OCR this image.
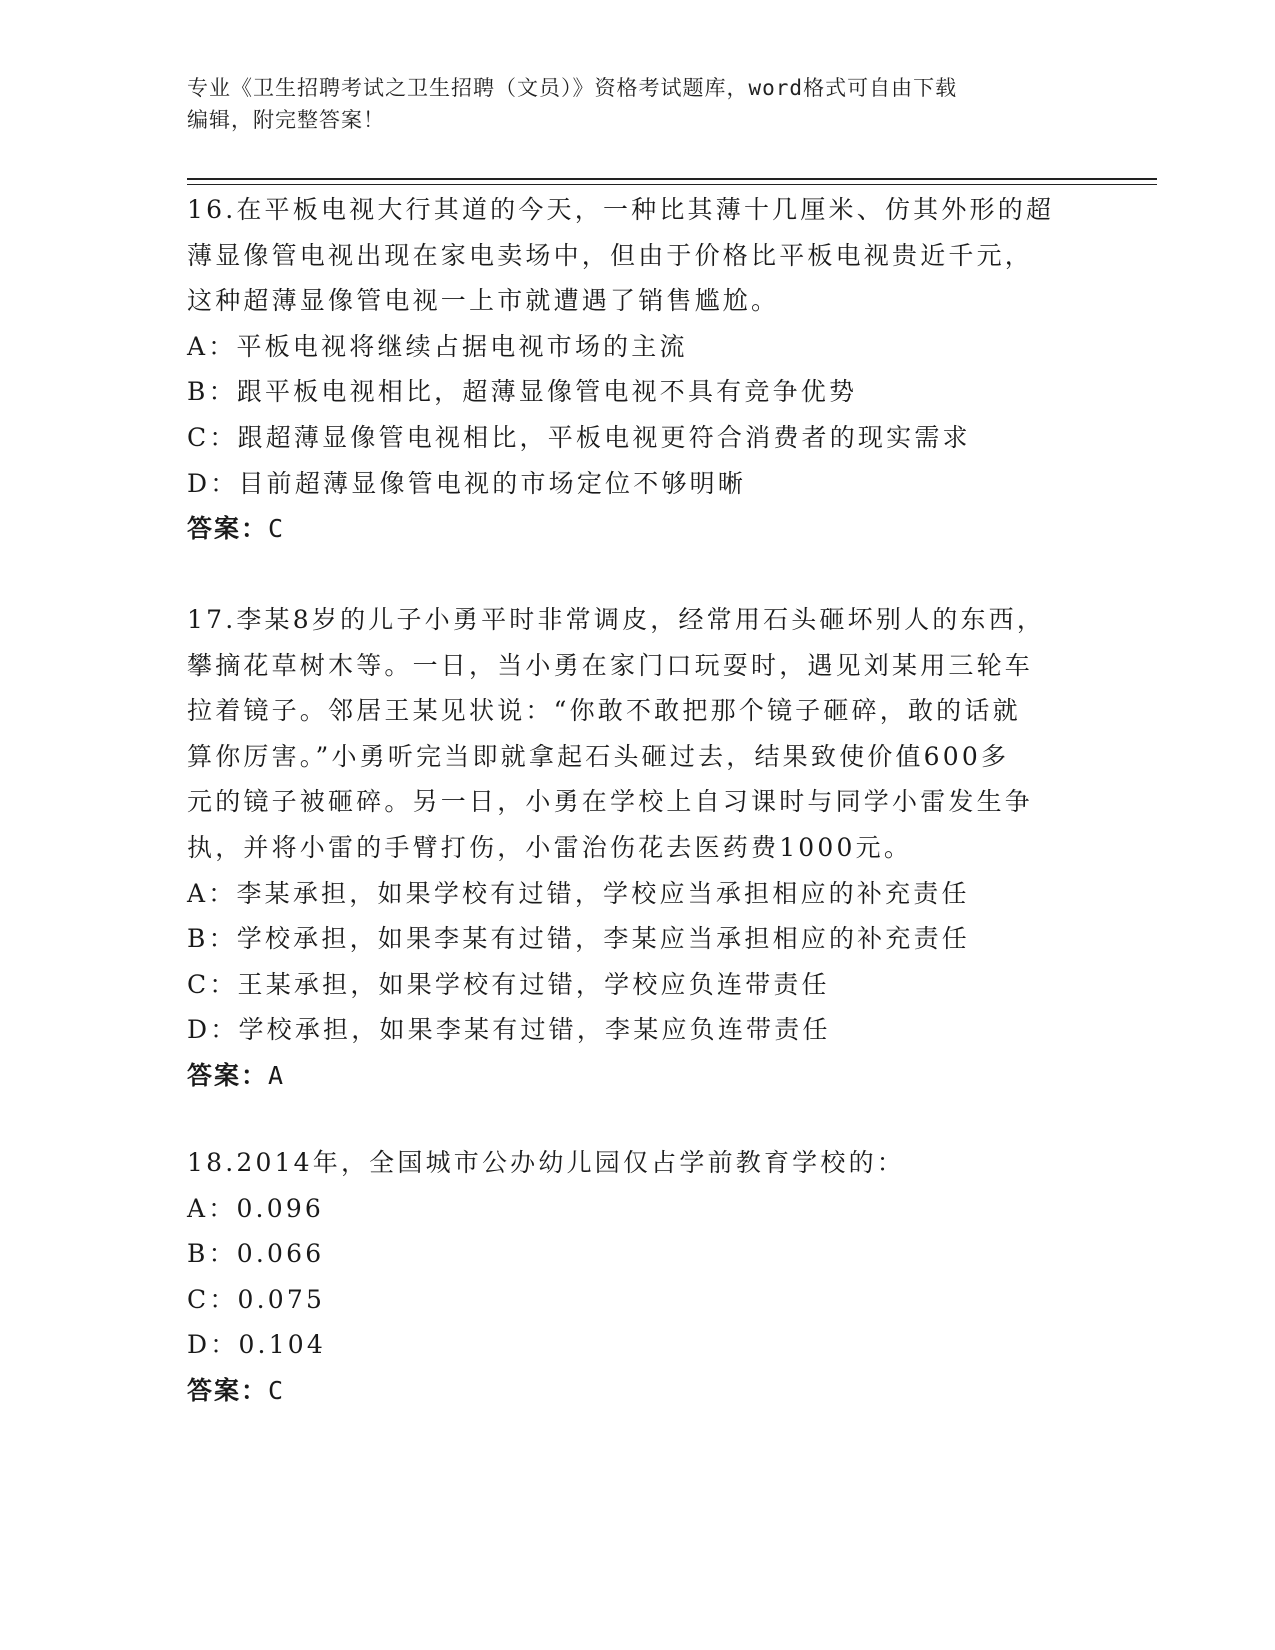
专业《卫生招聘考试之卫生招聘（文员）》资格考试题库，word格式可自由下载
编辑，附完整答案！

16.在平板电视大行其道的今天，一种比其薄十几厘米、仿其外形的超

薄显像管电视出现在家电卖场中，但由于价格比平板电视贵近千元，

这种超薄显像管电视一上市就遭遇了销售尴尬。

A：平板电视将继续占据电视市场的主流

B：跟平板电视相比，超薄显像管电视不具有竞争优势

C：跟超薄显像管电视相比，平板电视更符合消费者的现实需求

D：目前超薄显像管电视的市场定位不够明晰

答案：C

17.李某8岁的儿子小勇平时非常调皮，经常用石头砸坏别人的东西，

攀摘花草树木等。一日，当小勇在家门口玩耍时，遇见刘某用三轮车

拉着镜子。邻居王某见状说：“你敢不敢把那个镜子砸碎，敢的话就

算你厉害。”小勇听完当即就拿起石头砸过去，结果致使价值600多

元的镜子被砸碎。另一日，小勇在学校上自习课时与同学小雷发生争

执，并将小雷的手臂打伤，小雷治伤花去医药费1000元。

A：李某承担，如果学校有过错，学校应当承担相应的补充责任

B：学校承担，如果李某有过错，李某应当承担相应的补充责任

C：王某承担，如果学校有过错，学校应负连带责任

D：学校承担，如果李某有过错，李某应负连带责任

答案：A

18.2014年，全国城市公办幼儿园仅占学前教育学校的：

A：0.096

B：0.066

C：0.075

D：0.104

答案：C
